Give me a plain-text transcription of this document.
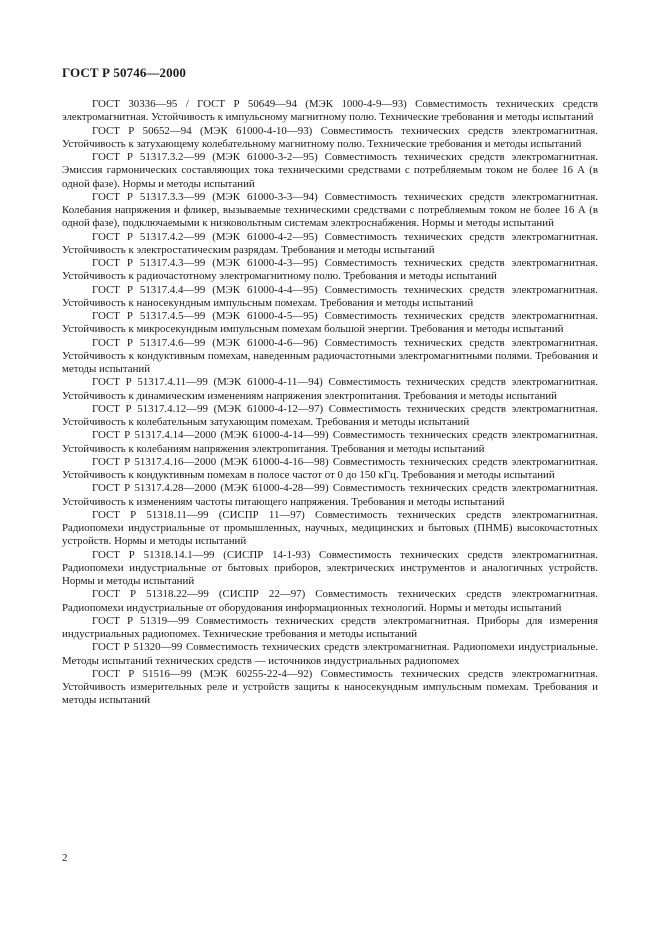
ГОСТ Р 50746—2000

ГОСТ 30336—95 / ГОСТ Р 50649—94 (МЭК 1000-4-9—93) Совместимость технических средств электромагнитная. Устойчивость к импульсному магнитному полю. Технические требования и методы испытаний

ГОСТ Р 50652—94 (МЭК 61000-4-10—93) Совместимость технических средств электромагнитная. Устойчивость к затухающему колебательному магнитному полю. Технические требования и методы испытаний

ГОСТ Р 51317.3.2—99 (МЭК 61000-3-2—95) Совместимость технических средств электромагнитная. Эмиссия гармонических составляющих тока техническими средствами с потребляемым током не более 16 А (в одной фазе). Нормы и методы испытаний

ГОСТ Р 51317.3.3—99 (МЭК 61000-3-3—94) Совместимость технических средств электромагнитная. Колебания напряжения и фликер, вызываемые техническими средствами с потребляемым током не более 16 А (в одной фазе), подключаемыми к низковольтным системам электроснабжения. Нормы и методы испытаний

ГОСТ Р 51317.4.2—99 (МЭК 61000-4-2—95) Совместимость технических средств электромагнитная. Устойчивость к электростатическим разрядам. Требования и методы испытаний

ГОСТ Р 51317.4.3—99 (МЭК 61000-4-3—95) Совместимость технических средств электромагнитная. Устойчивость к радиочастотному электромагнитному полю. Требования и методы испытаний

ГОСТ Р 51317.4.4—99 (МЭК 61000-4-4—95) Совместимость технических средств электромагнитная. Устойчивость к наносекундным импульсным помехам. Требования и методы испытаний

ГОСТ Р 51317.4.5—99 (МЭК 61000-4-5—95) Совместимость технических средств электромагнитная. Устойчивость к микросекундным импульсным помехам большой энергии. Требования и методы испытаний

ГОСТ Р 51317.4.6—99 (МЭК 61000-4-6—96) Совместимость технических средств электромагнитная. Устойчивость к кондуктивным помехам, наведенным радиочастотными электромагнитными полями. Требования и методы испытаний

ГОСТ Р 51317.4.11—99 (МЭК 61000-4-11—94) Совместимость технических средств электромагнитная. Устойчивость к динамическим изменениям напряжения электропитания. Требования и методы испытаний

ГОСТ Р 51317.4.12—99 (МЭК 61000-4-12—97) Совместимость технических средств электромагнитная. Устойчивость к колебательным затухающим помехам. Требования и методы испытаний

ГОСТ Р 51317.4.14—2000 (МЭК 61000-4-14—99) Совместимость технических средств электромагнитная. Устойчивость к колебаниям напряжения электропитания. Требования и методы испытаний

ГОСТ Р 51317.4.16—2000 (МЭК 61000-4-16—98) Совместимость технических средств электромагнитная. Устойчивость к кондуктивным помехам в полосе частот от 0 до 150 кГц. Требования и методы испытаний

ГОСТ Р 51317.4.28—2000 (МЭК 61000-4-28—99) Совместимость технических средств электромагнитная. Устойчивость к изменениям частоты питающего напряжения. Требования и методы испытаний

ГОСТ Р 51318.11—99 (СИСПР 11—97) Совместимость технических средств электромагнитная. Радиопомехи индустриальные от промышленных, научных, медицинских и бытовых (ПНМБ) высокочастотных устройств. Нормы и методы испытаний

ГОСТ Р 51318.14.1—99 (СИСПР 14-1-93) Совместимость технических средств электромагнитная. Радиопомехи индустриальные от бытовых приборов, электрических инструментов и аналогичных устройств. Нормы и методы испытаний

ГОСТ Р 51318.22—99 (СИСПР 22—97) Совместимость технических средств электромагнитная. Радиопомехи индустриальные от оборудования информационных технологий. Нормы и методы испытаний

ГОСТ Р 51319—99 Совместимость технических средств электромагнитная. Приборы для измерения индустриальных радиопомех. Технические требования и методы испытаний

ГОСТ Р 51320—99 Совместимость технических средств электромагнитная. Радиопомехи индустриальные. Методы испытаний технических средств — источников индустриальных радиопомех

ГОСТ Р 51516—99 (МЭК 60255-22-4—92) Совместимость технических средств электромагнитная. Устойчивость измерительных реле и устройств защиты к наносекундным импульсным помехам. Требования и методы испытаний

2
